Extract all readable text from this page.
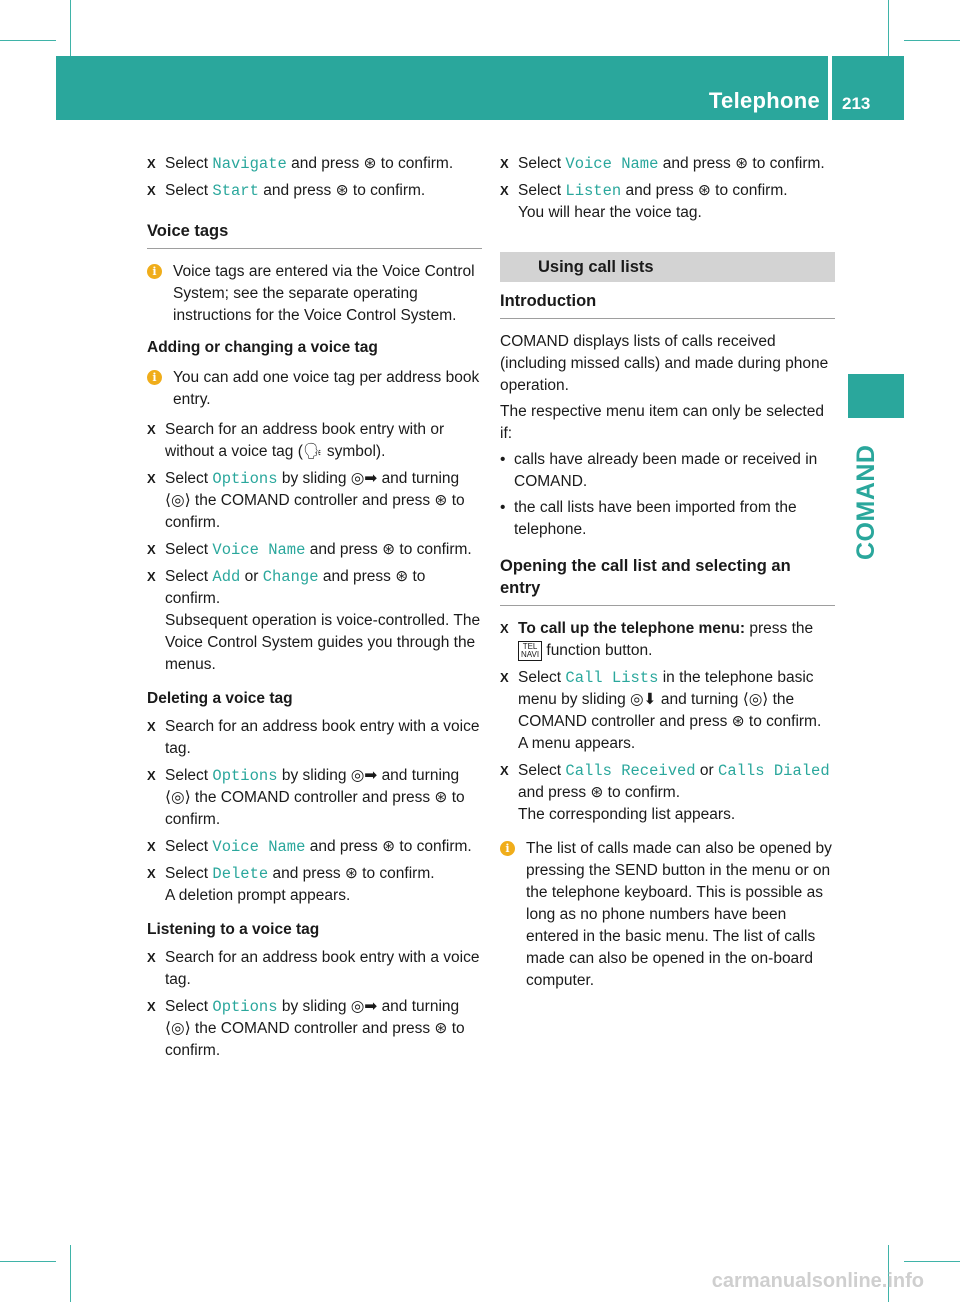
Telephone 213
COMAND
X Select Navigate and press ⊛ to confirm.
X Select Start and press ⊛ to confirm.
Voice tags
i	Voice tags are entered via the Voice Control System; see the separate operating instructions for the Voice Control System.
Adding or changing a voice tag
i	You can add one voice tag per address book entry.
X Search for an address book entry with or without a voice tag (🗣 symbol).
X Select Options by sliding ◎➡ and turning ⟨◎⟩ the COMAND controller and press ⊛ to confirm.
X Select Voice Name and press ⊛ to confirm.
X Select Add or Change and press ⊛ to confirm.
Subsequent operation is voice-controlled. The Voice Control System guides you through the menus.
Deleting a voice tag
X Search for an address book entry with a voice tag.
X Select Options by sliding ◎➡ and turning ⟨◎⟩ the COMAND controller and press ⊛ to confirm.
X Select Voice Name and press ⊛ to confirm.
X Select Delete and press ⊛ to confirm.
A deletion prompt appears.
Listening to a voice tag
X Search for an address book entry with a voice tag.
X Select Options by sliding ◎➡ and turning ⟨◎⟩ the COMAND controller and press ⊛ to confirm.
X Select Voice Name and press ⊛ to confirm.
X Select Listen and press ⊛ to confirm.
You will hear the voice tag.
Using call lists
Introduction
COMAND displays lists of calls received (including missed calls) and made during phone operation.
The respective menu item can only be selected if:
• calls have already been made or received in COMAND.
• the call lists have been imported from the telephone.
Opening the call list and selecting an entry
X To call up the telephone menu: press the
TEL
NAVI function button.
X Select Call Lists in the telephone basic menu by sliding ◎⬇ and turning ⟨◎⟩ the COMAND controller and press ⊛ to confirm.
A menu appears.
X Select Calls Received or Calls Dialed and press ⊛ to confirm.
The corresponding list appears.
i	The list of calls made can also be opened by pressing the SEND button in the menu or on the telephone keyboard. This is possible as long as no phone numbers have been entered in the basic menu. The list of calls made can also be opened in the on-board computer.
carmanualsonline.info
